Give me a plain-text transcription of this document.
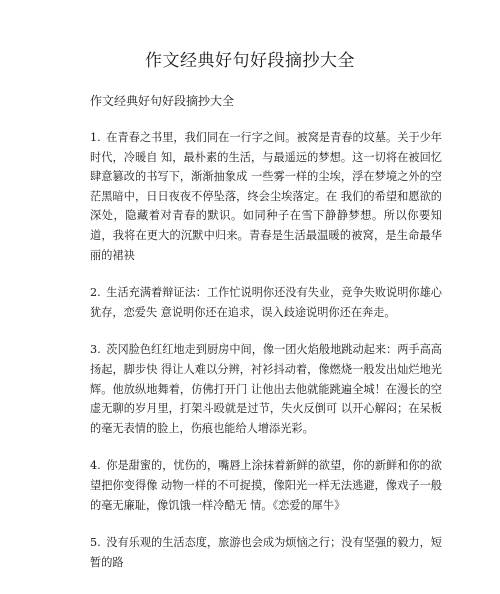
作文经典好句好段摘抄大全

作文经典好句好段摘抄大全

1. 在青春之书里，我们同在一行字之间。被窝是青春的坟墓。关于少年时代，冷暖自 知，最朴素的生活，与最遥远的梦想。这一切将在被回忆肆意篡改的书写下，渐渐抽象成 一些雾一样的尘埃，浮在梦境之外的空茫黑暗中，日日夜夜不停坠落，终会尘埃落定。在 我们的希望和愿欲的深处，隐藏着对青春的默识。如同种子在雪下静静梦想。所以你要知 道，我将在更大的沉默中归来。青春是生活最温暖的被窝，是生命最华丽的裙袂

2. 生活充满着辩证法：工作忙说明你还没有失业，竞争失败说明你雄心犹存，恋爱失 意说明你还在追求，误入歧途说明你还在奔走。

3. 茨冈脸色红红地走到厨房中间，像一团火焰般地跳动起来：两手高高扬起，脚步快 得让人难以分辨，衬衫抖动着，像燃烧一般发出灿烂地光辉。他放纵地舞着，仿佛打开门 让他出去他就能跳遍全城！在漫长的空虚无聊的岁月里，打架斗殴就是过节，失火反倒可 以开心解闷；在呆板的毫无表情的脸上，伤痕也能给人增添光彩。

4. 你是甜蜜的，忧伤的，嘴唇上涂抹着新鲜的欲望，你的新鲜和你的欲望把你变得像 动物一样的不可捉摸，像阳光一样无法逃避，像戏子一般的毫无廉耻，像饥饿一样冷酷无 情。《恋爱的犀牛》

5. 没有乐观的生活态度，旅游也会成为烦恼之行；没有坚强的毅力，短暂的路
